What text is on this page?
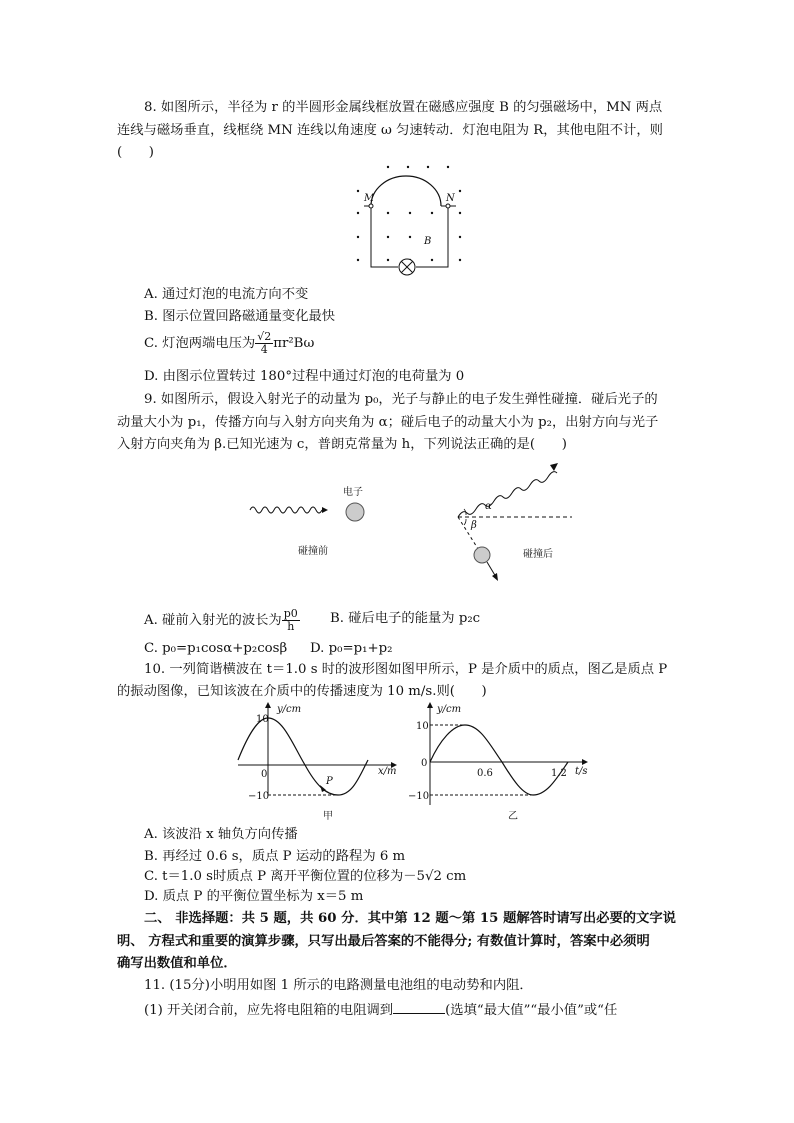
8. 如图所示，半径为 r 的半圆形金属线框放置在磁感应强度 B 的匀强磁场中，MN 两点
连线与磁场垂直，线框绕 MN 连线以角速度 ω 匀速转动．灯泡电阻为 R，其他电阻不计，则
(　　)
M	N
B
A. 通过灯泡的电流方向不变
B. 图示位置回路磁通量变化最快
C. 灯泡两端电压为 $\frac{√2}{4} \pi r^2B\omega$
D. 由图示位置转过 180°过程中通过灯泡的电荷量为 0
9. 如图所示，假设入射光子的动量为 p₀，光子与静止的电子发生弹性碰撞．碰后光子的
动量大小为 p₁，传播方向与入射方向夹角为 α；碰后电子的动量大小为 p₂，出射方向与光子
入射方向夹角为 β.已知光速为 c，普朗克常量为 h，下列说法正确的是(　　)
电子
碰撞前
α
β
碰撞后
A. 碰前入射光的波长为 $\frac{p0}{h} B$. 碰后电子的能量为 p₂c
C. p₀=p₁cosα+p₂cosβ D. p₀=p₁+p₂
10. 一列简谐横波在 t＝1.0 s 时的波形图如图甲所示，P 是介质中的质点，图乙是质点 P
的振动图像，已知该波在介质中的传播速度为 10 m/s.则(　　)
y/cm
x/m
10
0
−10
P
甲
y/cm
t/s
10
0
−10
0.6	1.2
乙
A. 该波沿 x 轴负方向传播
B. 再经过 0.6 s，质点 P 运动的路程为 6 m
C. t＝1.0 s时质点 P 离开平衡位置的位移为－5√2 cm
D. 质点 P 的平衡位置坐标为 x＝5 m
二、 非选择题：共 5 题，共 60 分．其中第 12 题～第 15 题解答时请写出必要的文字说
明、 方程式和重要的演算步骤，只写出最后答案的不能得分; 有数值计算时，答案中必须明
确写出数值和单位．
11. (15分)小明用如图 1 所示的电路测量电池组的电动势和内阻．
(1) 开关闭合前，应先将电阻箱的电阻调到	(选填“最大值”“最小值”或“任
